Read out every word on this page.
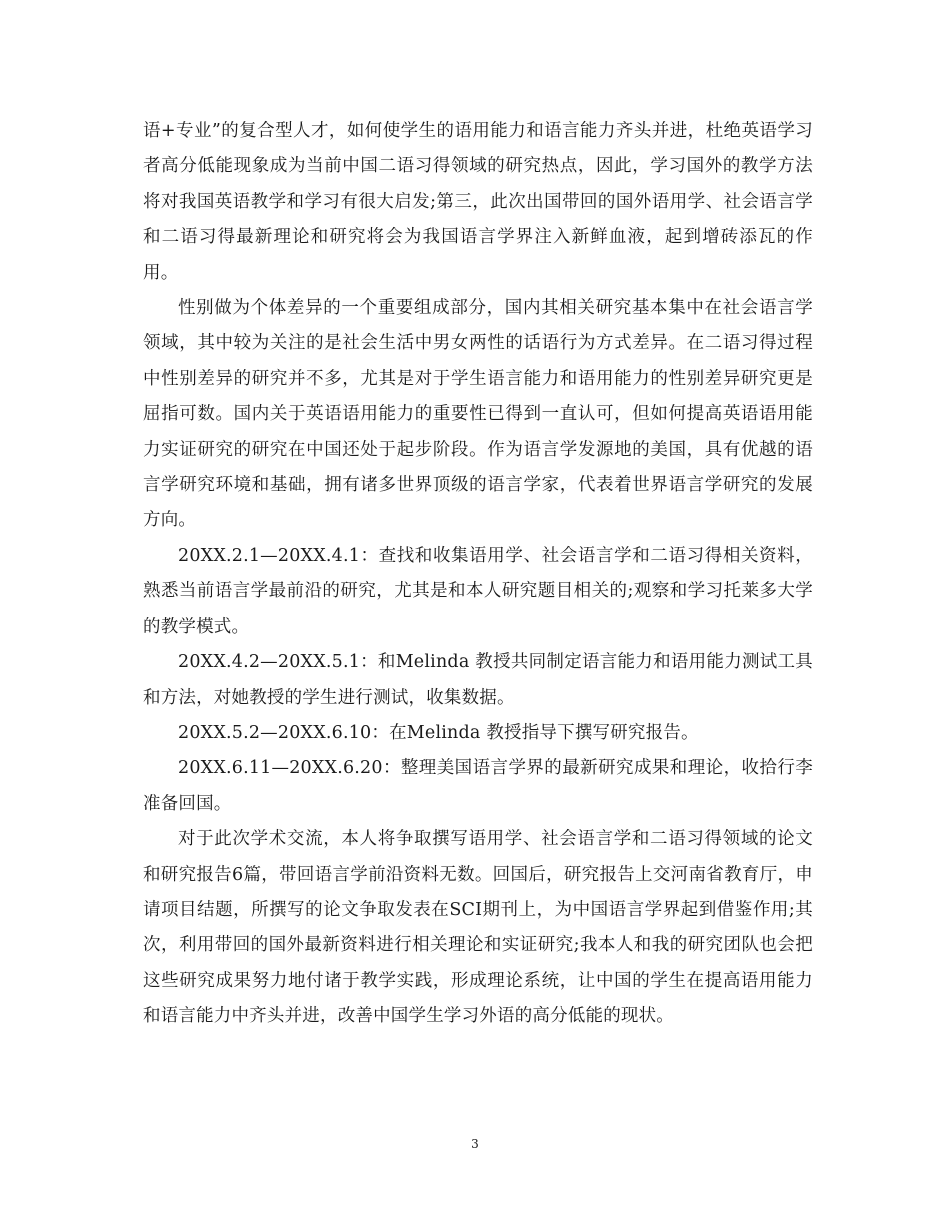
语+专业”的复合型人才，如何使学生的语用能力和语言能力齐头并进，杜绝英语学习者高分低能现象成为当前中国二语习得领域的研究热点，因此，学习国外的教学方法将对我国英语教学和学习有很大启发;第三，此次出国带回的国外语用学、社会语言学和二语习得最新理论和研究将会为我国语言学界注入新鲜血液，起到增砖添瓦的作用。

性别做为个体差异的一个重要组成部分，国内其相关研究基本集中在社会语言学领域，其中较为关注的是社会生活中男女两性的话语行为方式差异。在二语习得过程中性别差异的研究并不多，尤其是对于学生语言能力和语用能力的性别差异研究更是屈指可数。国内关于英语语用能力的重要性已得到一直认可，但如何提高英语语用能力实证研究的研究在中国还处于起步阶段。作为语言学发源地的美国，具有优越的语言学研究环境和基础，拥有诸多世界顶级的语言学家，代表着世界语言学研究的发展方向。

20XX.2.1—20XX.4.1：查找和收集语用学、社会语言学和二语习得相关资料，熟悉当前语言学最前沿的研究，尤其是和本人研究题目相关的;观察和学习托莱多大学的教学模式。

20XX.4.2—20XX.5.1：和Melinda 教授共同制定语言能力和语用能力测试工具和方法，对她教授的学生进行测试，收集数据。

20XX.5.2—20XX.6.10：在Melinda 教授指导下撰写研究报告。

20XX.6.11—20XX.6.20：整理美国语言学界的最新研究成果和理论，收拾行李准备回国。

对于此次学术交流，本人将争取撰写语用学、社会语言学和二语习得领域的论文和研究报告6篇，带回语言学前沿资料无数。回国后，研究报告上交河南省教育厅，申请项目结题，所撰写的论文争取发表在SCI期刊上，为中国语言学界起到借鉴作用;其次，利用带回的国外最新资料进行相关理论和实证研究;我本人和我的研究团队也会把这些研究成果努力地付诸于教学实践，形成理论系统，让中国的学生在提高语用能力和语言能力中齐头并进，改善中国学生学习外语的高分低能的现状。

3
